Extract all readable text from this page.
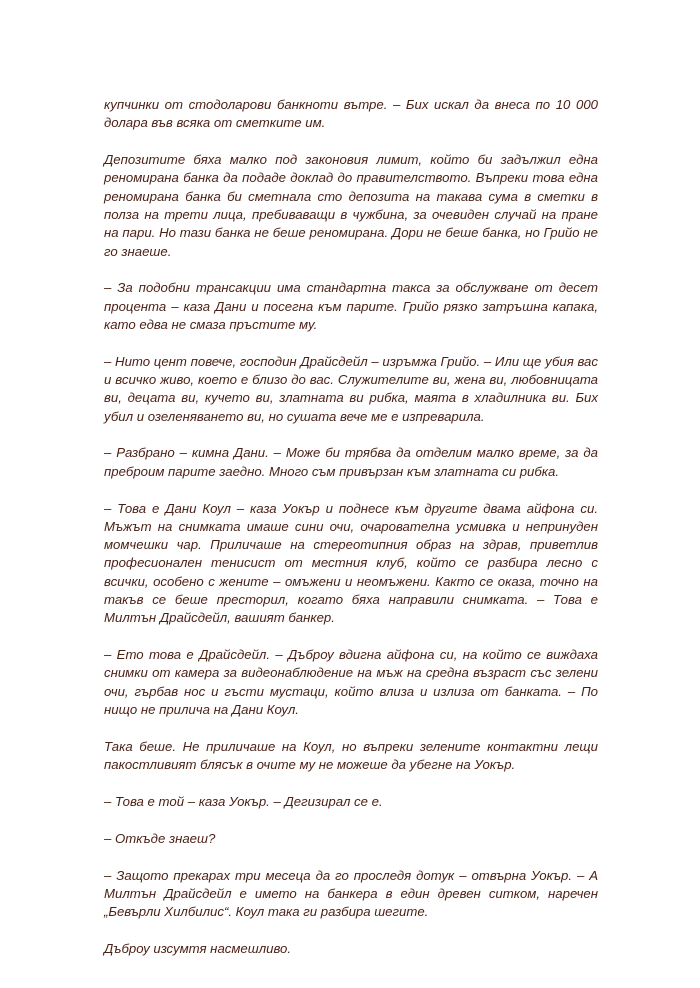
купчинки от стодоларови банкноти вътре. – Бих искал да внеса по 10 000 долара във всяка от сметките им.

Депозитите бяха малко под законовия лимит, който би задължил една реномирана банка да подаде доклад до правителството. Въпреки това една реномирана банка би сметнала сто депозита на такава сума в сметки в полза на трети лица, пребиваващи в чужбина, за очевиден случай на пране на пари. Но тази банка не беше реномирана. Дори не беше банка, но Грийо не го знаеше.

– За подобни трансакции има стандартна такса за обслужване от десет процента – каза Дани и посегна към парите. Грийо рязко затръшна капака, като едва не смаза пръстите му.

– Нито цент повече, господин Драйсдейл – изръмжа Грийо. – Или ще убия вас и всичко живо, което е близо до вас. Служителите ви, жена ви, любовницата ви, децата ви, кучето ви, златната ви рибка, маята в хладилника ви. Бих убил и озеленяването ви, но сушата вече ме е изпреварила.

– Разбрано – кимна Дани. – Може би трябва да отделим малко време, за да преброим парите заедно. Много съм привързан към златната си рибка.

– Това е Дани Коул – каза Уокър и поднесе към другите двама айфона си. Мъжът на снимката имаше сини очи, очарователна усмивка и непринуден момчешки чар. Приличаше на стереотипния образ на здрав, приветлив професионален тенисист от местния клуб, който се разбира лесно с всички, особено с жените – омъжени и неомъжени. Както се оказа, точно на такъв се беше престорил, когато бяха направили снимката. – Това е Милтън Драйсдейл, вашият банкер.

– Ето това е Драйсдейл. – Дъброу вдигна айфона си, на който се виждаха снимки от камера за видеонаблюдение на мъж на средна възраст със зелени очи, гърбав нос и гъсти мустаци, който влиза и излиза от банката. – По нищо не прилича на Дани Коул.

Така беше. Не приличаше на Коул, но въпреки зелените контактни лещи пакостливият блясък в очите му не можеше да убегне на Уокър.

– Това е той – каза Уокър. – Дегизирал се е.

– Откъде знаеш?

– Защото прекарах три месеца да го проследя дотук – отвърна Уокър. – А Милтън Драйсдейл е името на банкера в един древен ситком, наречен „Бевърли Хилбилис“. Коул така ги разбира шегите.

Дъброу изсумтя насмешливо.
